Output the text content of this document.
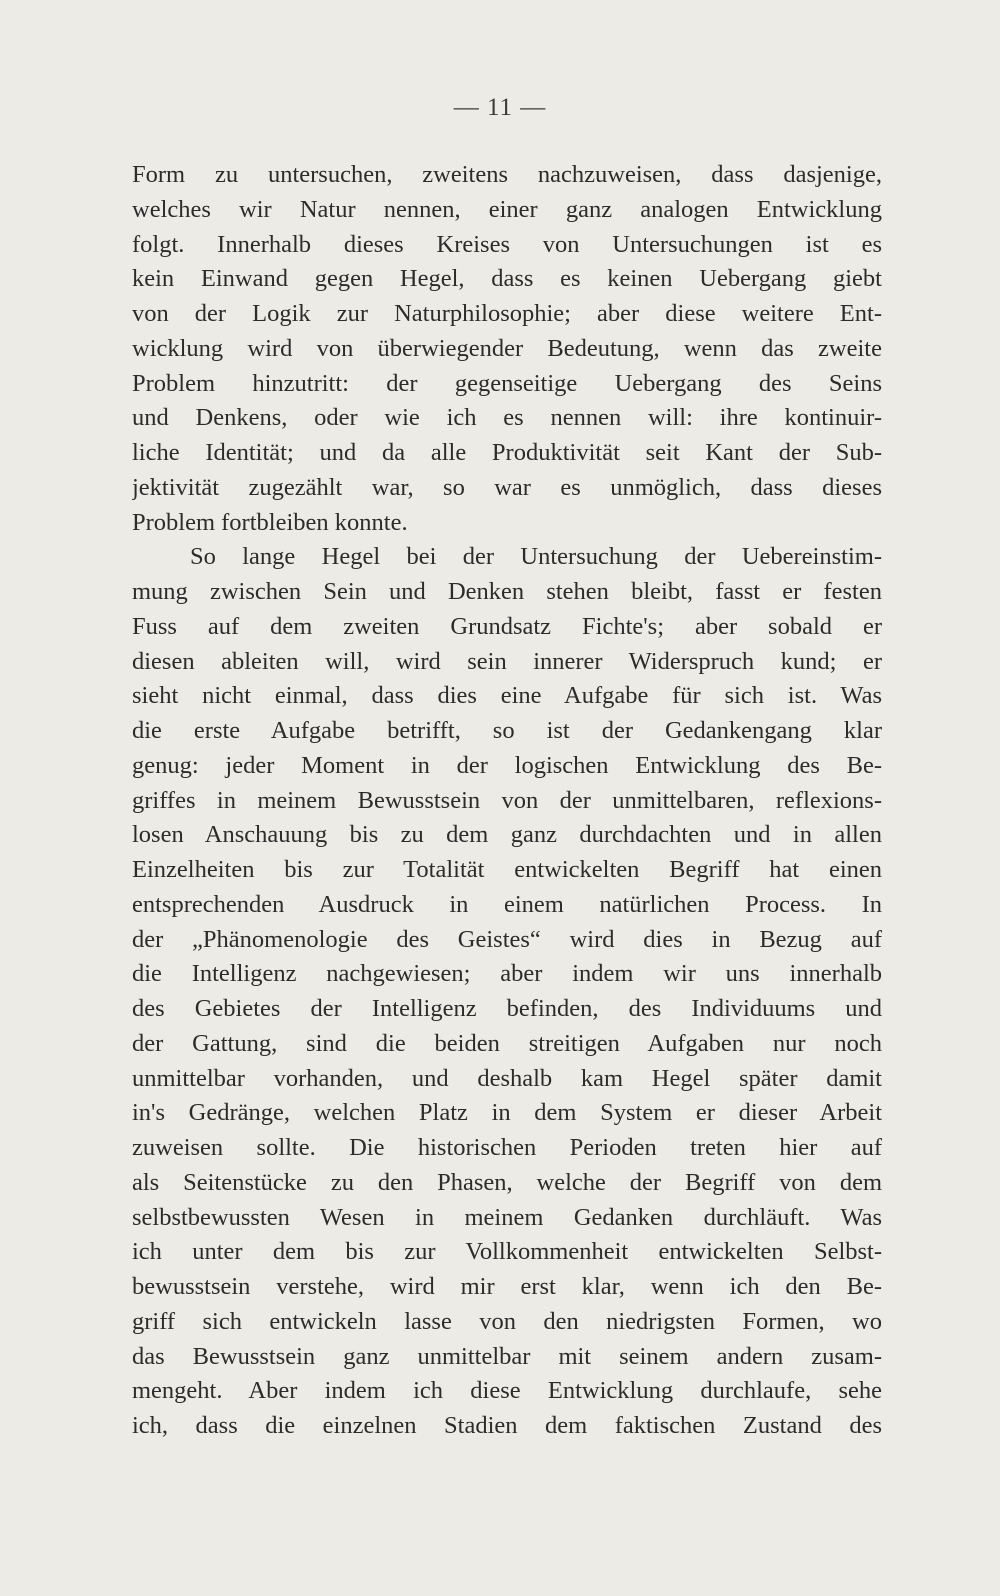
— 11 —
Form zu untersuchen, zweitens nachzuweisen, dass dasjenige,
welches wir Natur nennen, einer ganz analogen Entwicklung
folgt. Innerhalb dieses Kreises von Untersuchungen ist es
kein Einwand gegen Hegel, dass es keinen Uebergang giebt
von der Logik zur Naturphilosophie; aber diese weitere Ent-
wicklung wird von überwiegender Bedeutung, wenn das zweite
Problem hinzutritt: der gegenseitige Uebergang des Seins
und Denkens, oder wie ich es nennen will: ihre kontinuir-
liche Identität; und da alle Produktivität seit Kant der Sub-
jektivität zugezählt war, so war es unmöglich, dass dieses
Problem fortbleiben konnte.
So lange Hegel bei der Untersuchung der Uebereinstim-
mung zwischen Sein und Denken stehen bleibt, fasst er festen
Fuss auf dem zweiten Grundsatz Fichte's; aber sobald er
diesen ableiten will, wird sein innerer Widerspruch kund; er
sieht nicht einmal, dass dies eine Aufgabe für sich ist. Was
die erste Aufgabe betrifft, so ist der Gedankengang klar
genug: jeder Moment in der logischen Entwicklung des Be-
griffes in meinem Bewusstsein von der unmittelbaren, reflexions-
losen Anschauung bis zu dem ganz durchdachten und in allen
Einzelheiten bis zur Totalität entwickelten Begriff hat einen
entsprechenden Ausdruck in einem natürlichen Process. In
der „Phänomenologie des Geistes“ wird dies in Bezug auf
die Intelligenz nachgewiesen; aber indem wir uns innerhalb
des Gebietes der Intelligenz befinden, des Individuums und
der Gattung, sind die beiden streitigen Aufgaben nur noch
unmittelbar vorhanden, und deshalb kam Hegel später damit
in's Gedränge, welchen Platz in dem System er dieser Arbeit
zuweisen sollte. Die historischen Perioden treten hier auf
als Seitenstücke zu den Phasen, welche der Begriff von dem
selbstbewussten Wesen in meinem Gedanken durchläuft. Was
ich unter dem bis zur Vollkommenheit entwickelten Selbst-
bewusstsein verstehe, wird mir erst klar, wenn ich den Be-
griff sich entwickeln lasse von den niedrigsten Formen, wo
das Bewusstsein ganz unmittelbar mit seinem andern zusam-
mengeht. Aber indem ich diese Entwicklung durchlaufe, sehe
ich, dass die einzelnen Stadien dem faktischen Zustand des
